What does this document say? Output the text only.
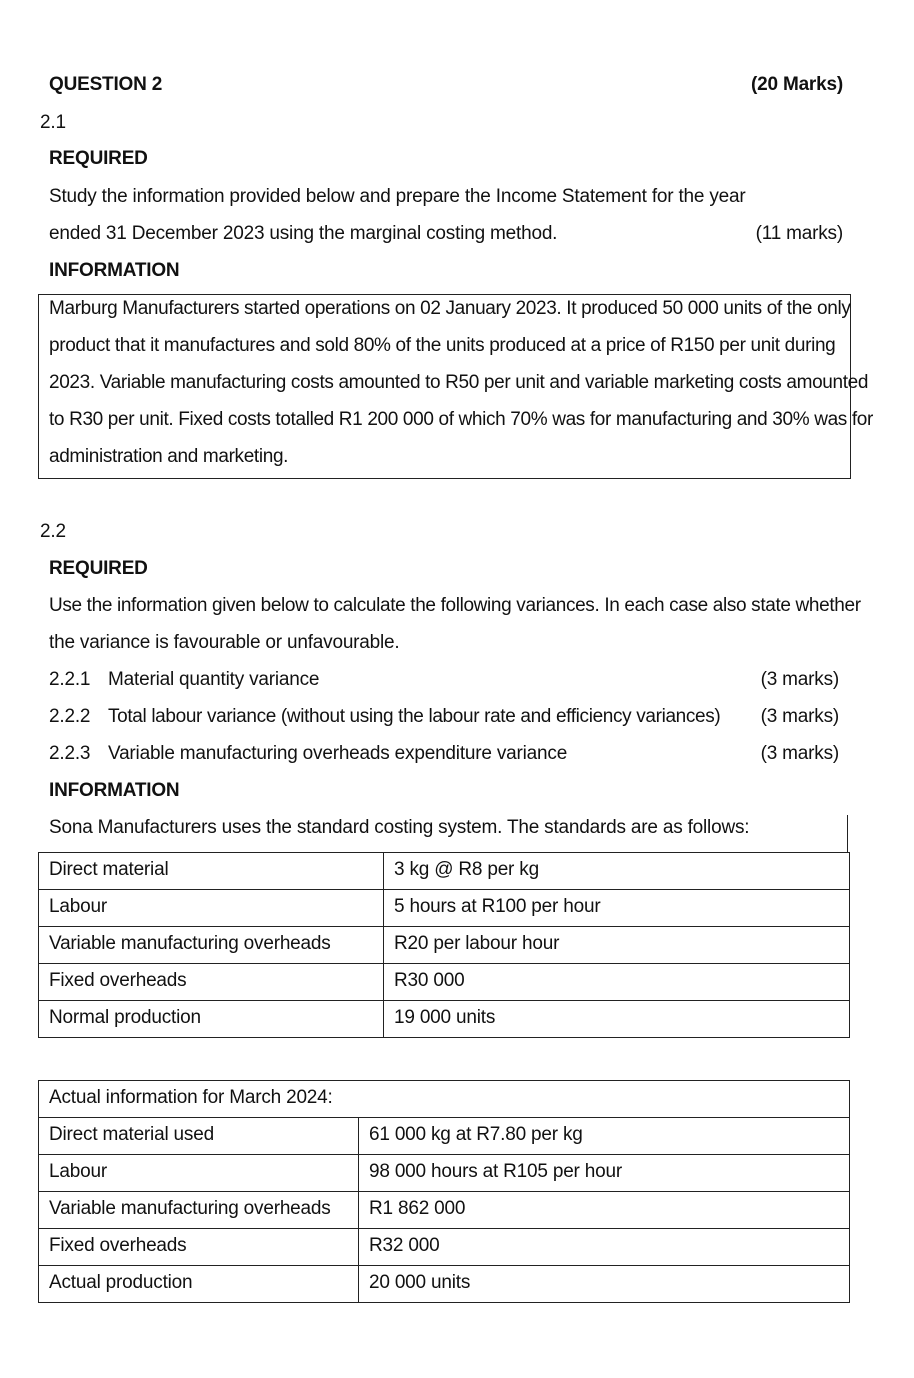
QUESTION 2	(20 Marks)
2.1
REQUIRED
Study the information provided below and prepare the Income Statement for the year
ended 31 December 2023 using the marginal costing method.	(11 marks)
INFORMATION
Marburg Manufacturers started operations on 02 January 2023. It produced 50 000 units of the only
product that it manufactures and sold 80% of the units produced at a price of R150 per unit during
2023. Variable manufacturing costs amounted to R50 per unit and variable marketing costs amounted
to R30 per unit. Fixed costs totalled R1 200 000 of which 70% was for manufacturing and 30% was for
administration and marketing.
2.2
REQUIRED
Use the information given below to calculate the following variances. In each case also state whether
the variance is favourable or unfavourable.
2.2.1 Material quantity variance	(3 marks)
2.2.2 Total labour variance (without using the labour rate and efficiency variances)	(3 marks)
2.2.3 Variable manufacturing overheads expenditure variance	(3 marks)
INFORMATION
Sona Manufacturers uses the standard costing system. The standards are as follows:
Direct material	3 kg @ R8 per kg
Labour	5 hours at R100 per hour
Variable manufacturing overheads	R20 per labour hour
Fixed overheads	R30 000
Normal production	19 000 units
Actual information for March 2024:	
Direct material used	61 000 kg at R7.80 per kg
Labour	98 000 hours at R105 per hour
Variable manufacturing overheads	R1 862 000
Fixed overheads	R32 000
Actual production	20 000 units
